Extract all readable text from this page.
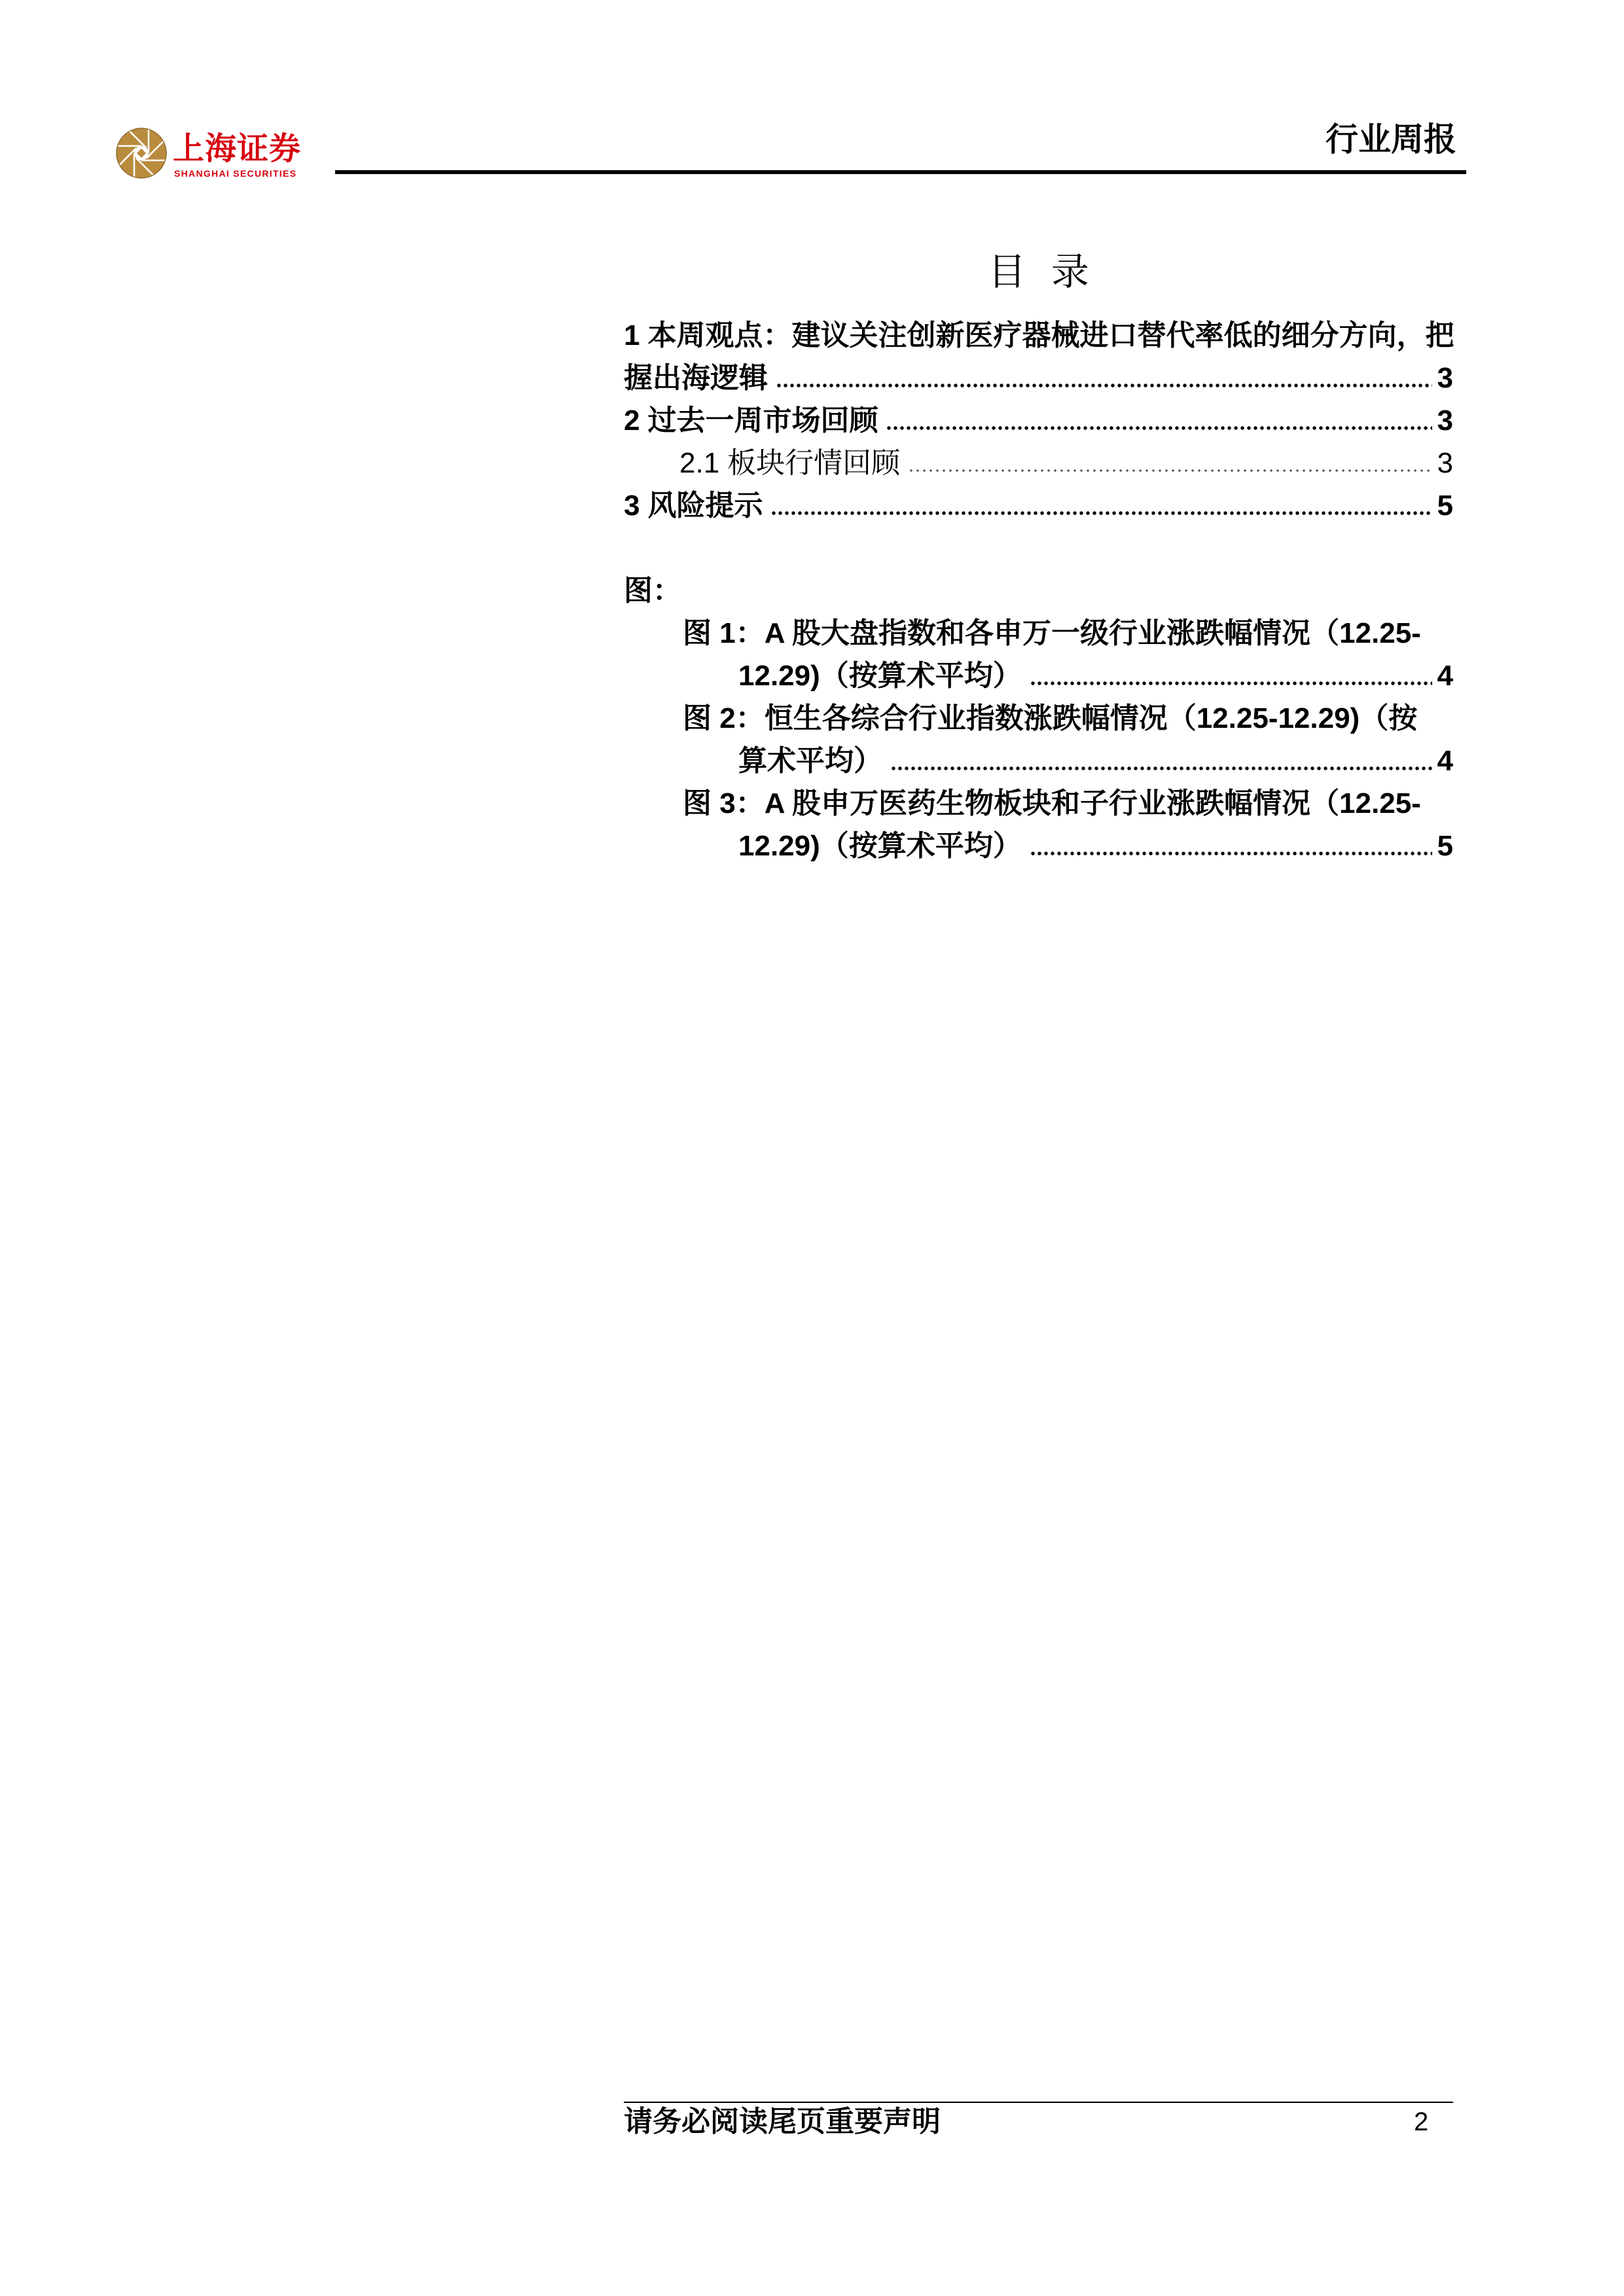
上海证券
SHANGHAI SECURITIES
行业周报
目 录
1 本周观点：建议关注创新医疗器械进口替代率低的细分方向，把
握出海逻辑	3
2 过去一周市场回顾	3
2.1 板块行情回顾	3
3 风险提示	5
图：
图 1：A 股大盘指数和各申万一级行业涨跌幅情况（12.25-
12.29)（按算术平均）	4
图 2：恒生各综合行业指数涨跌幅情况（12.25-12.29)（按
算术平均）	4
图 3：A 股申万医药生物板块和子行业涨跌幅情况（12.25-
12.29)（按算术平均）	5
请务必阅读尾页重要声明	2
